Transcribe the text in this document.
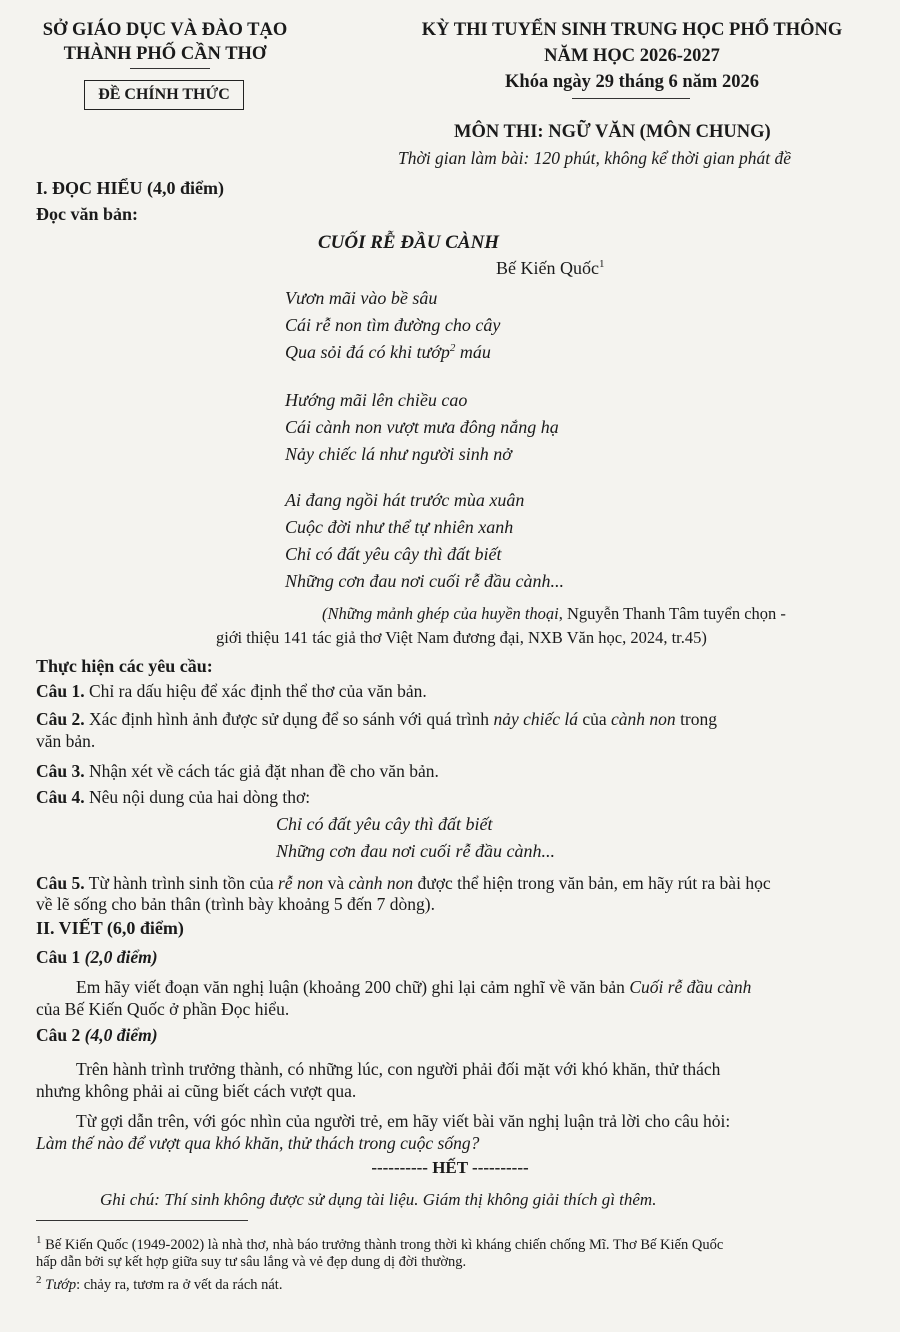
SỞ GIÁO DỤC VÀ ĐÀO TẠO
THÀNH PHỐ CẦN THƠ
ĐỀ CHÍNH THỨC
KỲ THI TUYỂN SINH TRUNG HỌC PHỔ THÔNG
NĂM HỌC 2026-2027
Khóa ngày 29 tháng 6 năm 2026
MÔN THI: NGỮ VĂN (MÔN CHUNG)
Thời gian làm bài: 120 phút, không kể thời gian phát đề
I. ĐỌC HIỂU (4,0 điểm)
Đọc văn bản:
CUỐI RỄ ĐẦU CÀNH
Bế Kiến Quốc$^1$
Vươn mãi vào bề sâu
Cái rễ non tìm đường cho cây
Qua sỏi đá có khi tướp$^2$ máu
Hướng mãi lên chiều cao
Cái cành non vượt mưa đông nắng hạ
Nảy chiếc lá như người sinh nở
Ai đang ngồi hát trước mùa xuân
Cuộc đời như thể tự nhiên xanh
Chỉ có đất yêu cây thì đất biết
Những cơn đau nơi cuối rễ đầu cành...
(Những mảnh ghép của huyền thoại, Nguyễn Thanh Tâm tuyển chọn -
giới thiệu 141 tác giả thơ Việt Nam đương đại, NXB Văn học, 2024, tr.45)
Thực hiện các yêu cầu:
Câu 1. Chỉ ra dấu hiệu để xác định thể thơ của văn bản.
Câu 2. Xác định hình ảnh được sử dụng để so sánh với quá trình nảy chiếc lá của cành non trong
văn bản.
Câu 3. Nhận xét về cách tác giả đặt nhan đề cho văn bản.
Câu 4. Nêu nội dung của hai dòng thơ:
Chỉ có đất yêu cây thì đất biết
Những cơn đau nơi cuối rễ đầu cành...
Câu 5. Từ hành trình sinh tồn của rễ non và cành non được thể hiện trong văn bản, em hãy rút ra bài học
về lẽ sống cho bản thân (trình bày khoảng 5 đến 7 dòng).
II. VIẾT (6,0 điểm)
Câu 1 (2,0 điểm)
Em hãy viết đoạn văn nghị luận (khoảng 200 chữ) ghi lại cảm nghĩ về văn bản Cuối rễ đầu cành
của Bế Kiến Quốc ở phần Đọc hiểu.
Câu 2 (4,0 điểm)
Trên hành trình trưởng thành, có những lúc, con người phải đối mặt với khó khăn, thử thách
nhưng không phải ai cũng biết cách vượt qua.
Từ gợi dẫn trên, với góc nhìn của người trẻ, em hãy viết bài văn nghị luận trả lời cho câu hỏi:
Làm thế nào để vượt qua khó khăn, thử thách trong cuộc sống?
---------- HẾT ----------
Ghi chú: Thí sinh không được sử dụng tài liệu. Giám thị không giải thích gì thêm.
$^1$ Bế Kiến Quốc (1949-2002) là nhà thơ, nhà báo trưởng thành trong thời kì kháng chiến chống Mĩ. Thơ Bế Kiến Quốc
hấp dẫn bởi sự kết hợp giữa suy tư sâu lắng và vẻ đẹp dung dị đời thường.
$^2$ Tướp: chảy ra, tươm ra ở vết da rách nát.
